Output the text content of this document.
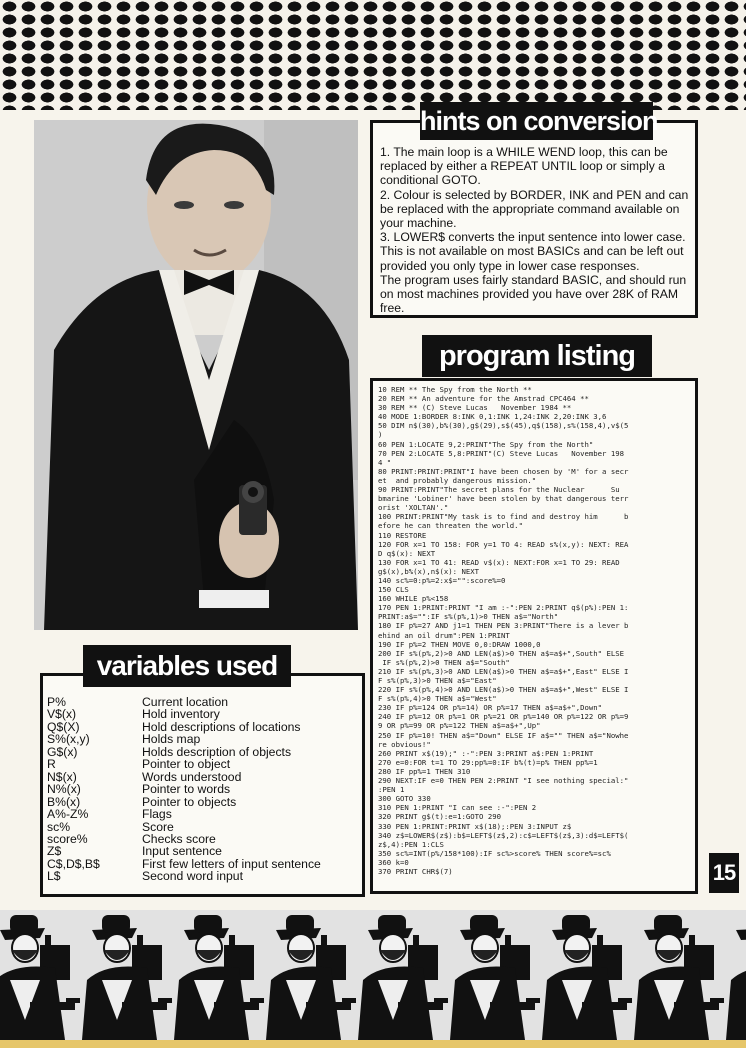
hints on conversion

1. The main loop is a WHILE WEND loop, this can be replaced by either a REPEAT UNTIL loop or simply a conditional GOTO.

2. Colour is selected by BORDER, INK and PEN and can be replaced with the appropriate command available on your machine.

3. LOWER$ converts the input sentence into lower case. This is not available on most BASICs and can be left out provided you only type in lower case responses.

The program uses fairly standard BASIC, and should run on most machines provided you have over 28K of RAM free.

program listing
10 REM ** The Spy from the North **
20 REM ** An adventure for the Amstrad CPC464 **
30 REM ** (C) Steve Lucas   November 1984 **
40 MODE 1:BORDER 8:INK 0,1:INK 1,24:INK 2,20:INK 3,6
50 DIM n$(30),b%(30),g$(29),s$(45),q$(158),s%(158,4),v$(5
)
60 PEN 1:LOCATE 9,2:PRINT"The Spy from the North"
70 PEN 2:LOCATE 5,8:PRINT"(C) Steve Lucas   November 198
4 "
80 PRINT:PRINT:PRINT"I have been chosen by 'M' for a secr
et  and probably dangerous mission."
90 PRINT:PRINT"The secret plans for the Nuclear      Su
bmarine 'Lobiner' have been stolen by that dangerous terr
orist 'XOLTAN'."
100 PRINT:PRINT"My task is to find and destroy him      b
efore he can threaten the world."
110 RESTORE
120 FOR x=1 TO 158: FOR y=1 TO 4: READ s%(x,y): NEXT: REA
D q$(x): NEXT
130 FOR x=1 TO 41: READ v$(x): NEXT:FOR x=1 TO 29: READ
g$(x),b%(x),n$(x): NEXT
140 sc%=0:p%=2:x$="":score%=0
150 CLS
160 WHILE p%<158
170 PEN 1:PRINT:PRINT "I am :-":PEN 2:PRINT q$(p%):PEN 1:
PRINT:a$="":IF s%(p%,1)>0 THEN a$="North"
180 IF p%=27 AND j1=1 THEN PEN 3:PRINT"There is a lever b
ehind an oil drum":PEN 1:PRINT
190 IF p%=2 THEN MOVE 0,0:DRAW 1000,0
200 IF s%(p%,2)>0 AND LEN(a$)>0 THEN a$=a$+",South" ELSE
IF s%(p%,2)>0 THEN a$="South"
210 IF s%(p%,3)>0 AND LEN(a$)>0 THEN a$=a$+",East" ELSE I
F s%(p%,3)>0 THEN a$="East"
220 IF s%(p%,4)>0 AND LEN(a$)>0 THEN a$=a$+",West" ELSE I
F s%(p%,4)>0 THEN a$="West"
230 IF p%=124 OR p%=14) OR p%=17 THEN a$=a$+",Down"
240 IF p%=12 OR p%=1 OR p%=21 OR p%=140 OR p%=122 OR p%=9
9 OR p%=99 OR p%=122 THEN a$=a$+",Up"
250 IF p%=10! THEN a$="Down" ELSE IF a$="" THEN a$="Nowhe
re obvious!"
260 PRINT x$(19);" :-":PEN 3:PRINT a$:PEN 1:PRINT
270 e=0:FOR t=1 TO 29:pp%=0:IF b%(t)=p% THEN pp%=1
280 IF pp%=1 THEN 310
290 NEXT:IF e=0 THEN PEN 2:PRINT "I see nothing special:"
:PEN 1
300 GOTO 330
310 PEN 1:PRINT "I can see :-":PEN 2
320 PRINT g$(t):e=1:GOTO 290
330 PEN 1:PRINT:PRINT x$(18);:PEN 3:INPUT z$
340 z$=LOWER$(z$):b$=LEFT$(z$,2):c$=LEFT$(z$,3):d$=LEFT$(
z$,4):PEN 1:CLS
350 sc%=INT(p%/158*100):IF sc%>score% THEN score%=sc%
360 k=0
370 PRINT CHR$(7)
variables used
P%	Current location
V$(x)	Hold inventory
Q$(X)	Hold descriptions of locations
S%(x,y)	Holds map
G$(x)	Holds description of objects
R	Pointer to object
N$(x)	Words understood
N%(x)	Pointer to words
B%(x)	Pointer to objects
A%-Z%	Flags
sc%	Score
score%	Checks score
Z$	Input sentence
C$,D$,B$	First few letters of input sentence
L$	Second word input	15
